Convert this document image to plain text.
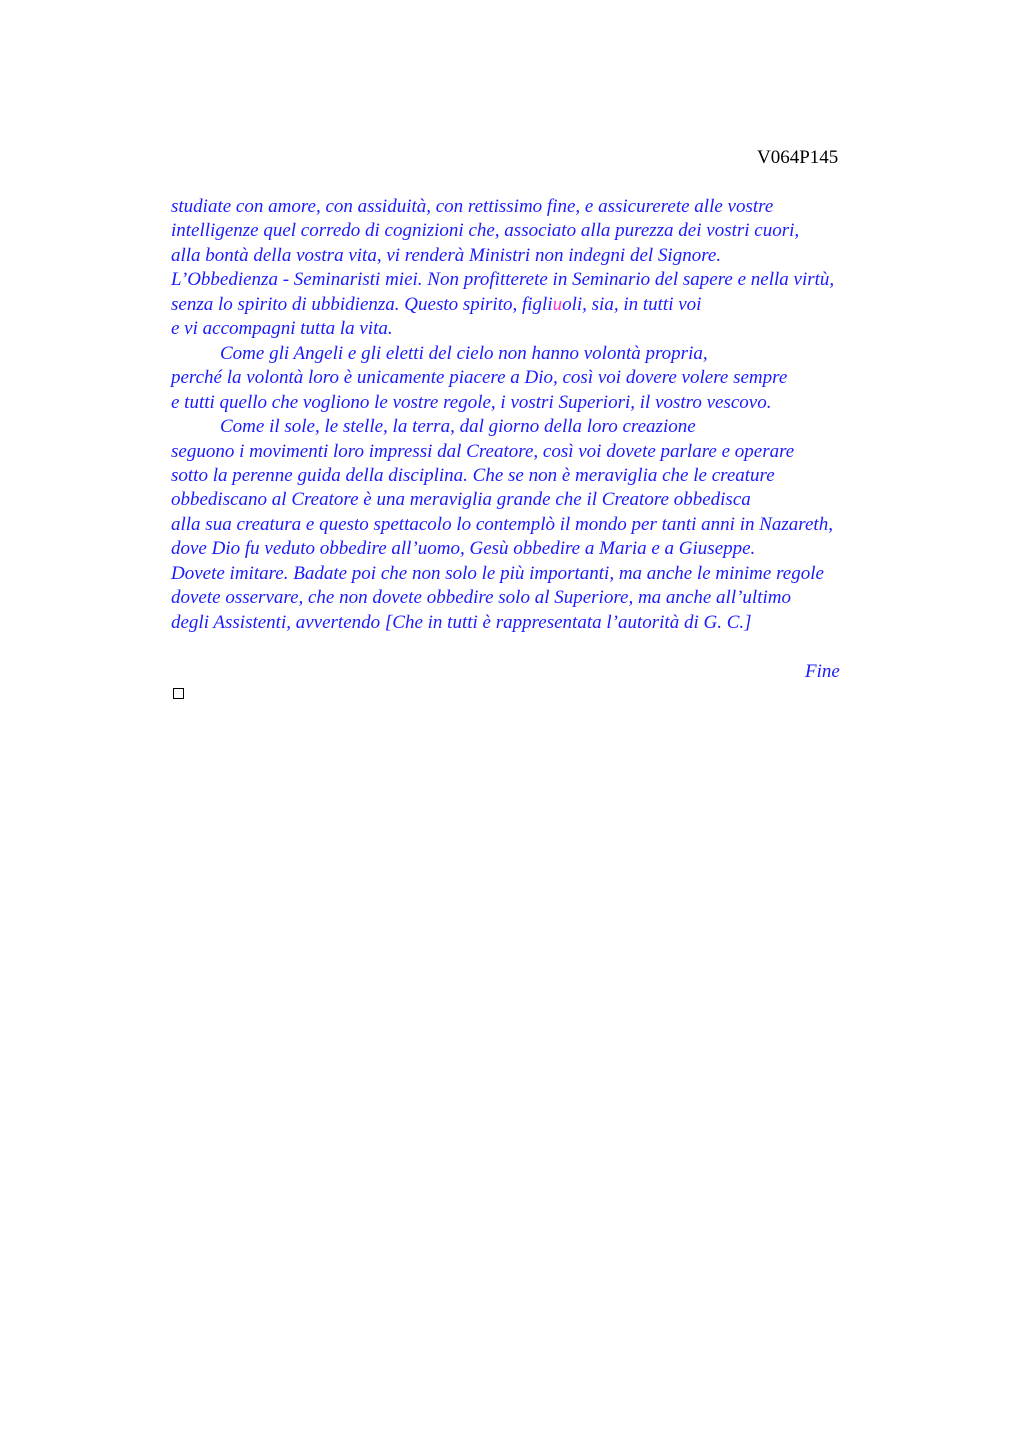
V064P145
studiate con amore, con assiduità, con rettissimo fine, e assicurerete alle vostre
intelligenze quel corredo di cognizioni che, associato alla purezza dei vostri cuori,
alla bontà della vostra vita, vi renderà Ministri non indegni del Signore.
L’Obbedienza - Seminaristi miei. Non profitterete in Seminario del sapere e nella virtù,
senza lo spirito di ubbidienza. Questo spirito, figliuoli, sia, in tutti voi
e vi accompagni tutta la vita.
Come gli Angeli e gli eletti del cielo non hanno volontà propria,
perché la volontà loro è unicamente piacere a Dio, così voi dovere volere sempre
e tutti quello che vogliono le vostre regole, i vostri Superiori, il vostro vescovo.
Come il sole, le stelle, la terra, dal giorno della loro creazione
seguono i movimenti loro impressi dal Creatore, così voi dovete parlare e operare
sotto la perenne guida della disciplina. Che se non è meraviglia che le creature
obbediscano al Creatore è una meraviglia grande che il Creatore obbedisca
alla sua creatura e questo spettacolo lo contemplò il mondo per tanti anni in Nazareth,
dove Dio fu veduto obbedire all’uomo, Gesù obbedire a Maria e a Giuseppe.
Dovete imitare. Badate poi che non solo le più importanti, ma anche le minime regole
dovete osservare, che non dovete obbedire solo al Superiore, ma anche all’ultimo
degli Assistenti, avvertendo [Che in tutti è rappresentata l’autorità di G. C.]
Fine
